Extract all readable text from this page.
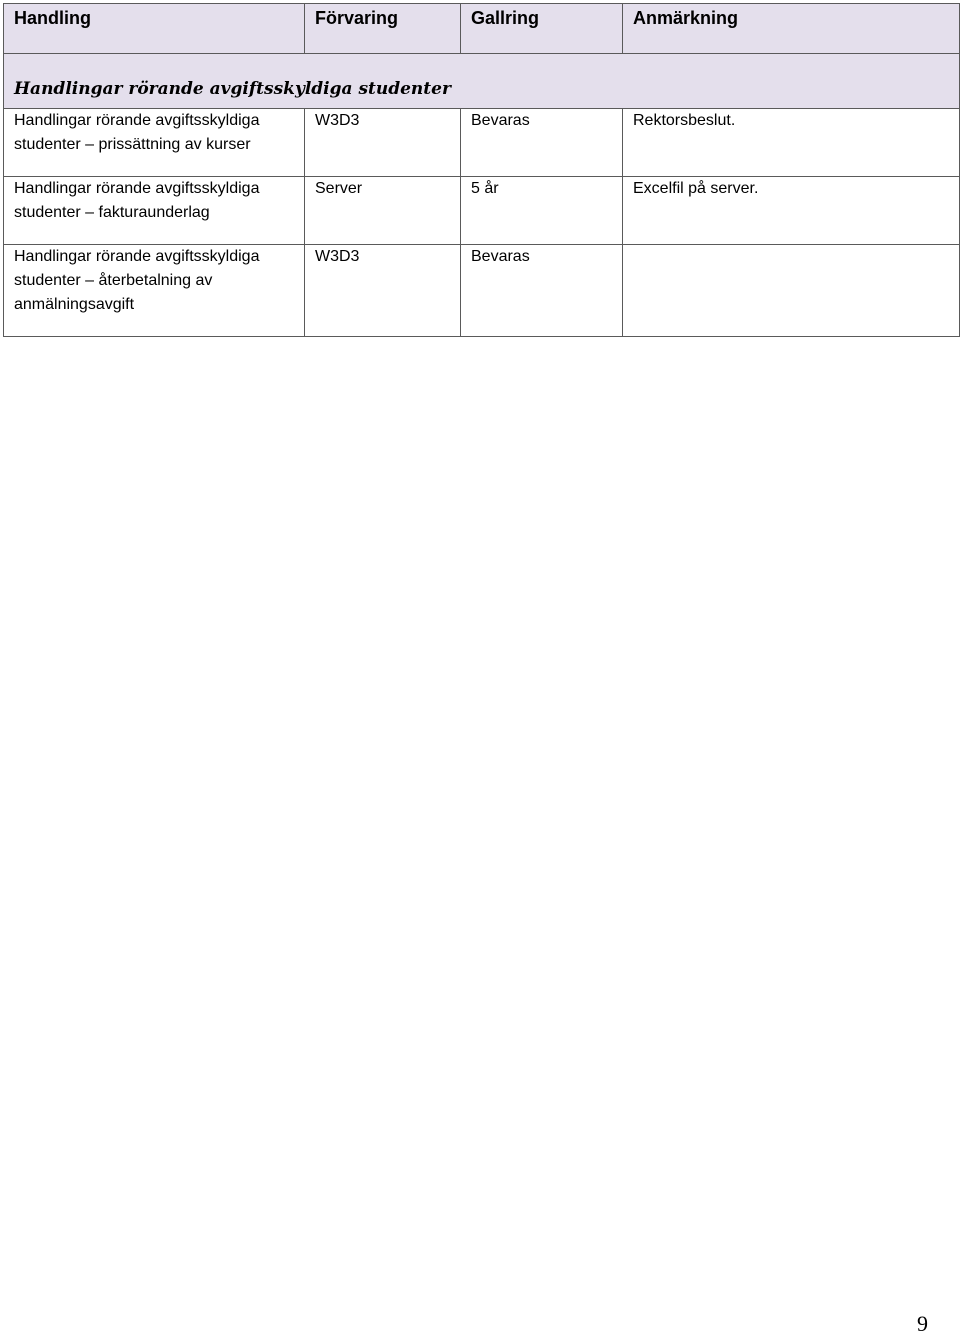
Handling	Förvaring	Gallring	Anmärkning

Handlingar rörande avgiftsskyldiga studenter			

Handlingar rörande avgiftsskyldiga studenter – prissättning av kurser	W3D3	Bevaras	Rektorsbeslut.

Handlingar rörande avgiftsskyldiga studenter – fakturaunderlag	Server	5 år	Excelfil på server.

Handlingar rörande avgiftsskyldiga studenter – återbetalning av anmälningsavgift	W3D3	Bevaras	

9
